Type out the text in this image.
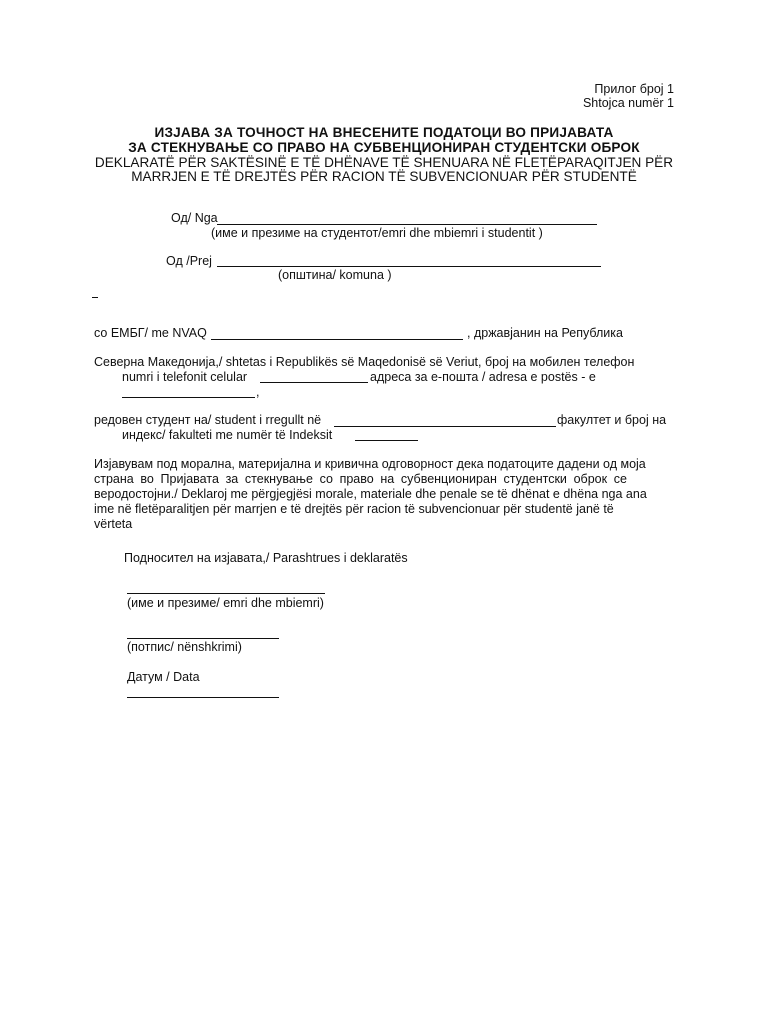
Прилог број 1
Shtojca numër 1
ИЗЈАВА ЗА ТОЧНОСТ НА ВНЕСЕНИТЕ ПОДАТОЦИ ВО ПРИЈАВАТА
ЗА СТЕКНУВАЊЕ СО ПРАВО НА СУБВЕНЦИОНИРАН СТУДЕНТСКИ ОБРОК
DEKLARATË PËR SAKTËSINË E TË DHËNAVE TË SHENUARA NË FLETËPARAQITJEN PËR
MARRJEN E TË DREJTËS PËR RACION TË SUBVENCIONUAR PËR STUDENTË
Од/ Nga
(име и презиме на студентот/emri dhe mbiemri i studentit )
Од /Prej
(општина/ komuna )
со ЕМБГ/ me NVAQ	, државјанин на Република
Северна Македонија,/ shtetas i Republikës së Maqedonisë së Veriut, број на мобилен телефон
numri i telefonit celular	адреса за е-пошта / adresa e postës - e
,
редовен студент на/ student i rregullt në	факултет и број на
индекс/ fakulteti me numër të Indeksit
Изјавувам под морална, материјална и кривична одговорност дека податоците дадени од моја
страна во Пријавата за стекнување со право на субвенциониран студентски оброк се
веродостојни./ Deklaroj me përgjegjësi morale, materiale dhe penale se të dhënat e dhëna nga ana
ime në fletëparalitjen për marrjen e të drejtës për racion të subvencionuar për studentë janë të
vërteta
Подносител на изјавата,/ Parashtrues i deklaratës
(име и презиме/ emri dhe mbiemri)
(потпис/ nënshkrimi)
Датум / Data
